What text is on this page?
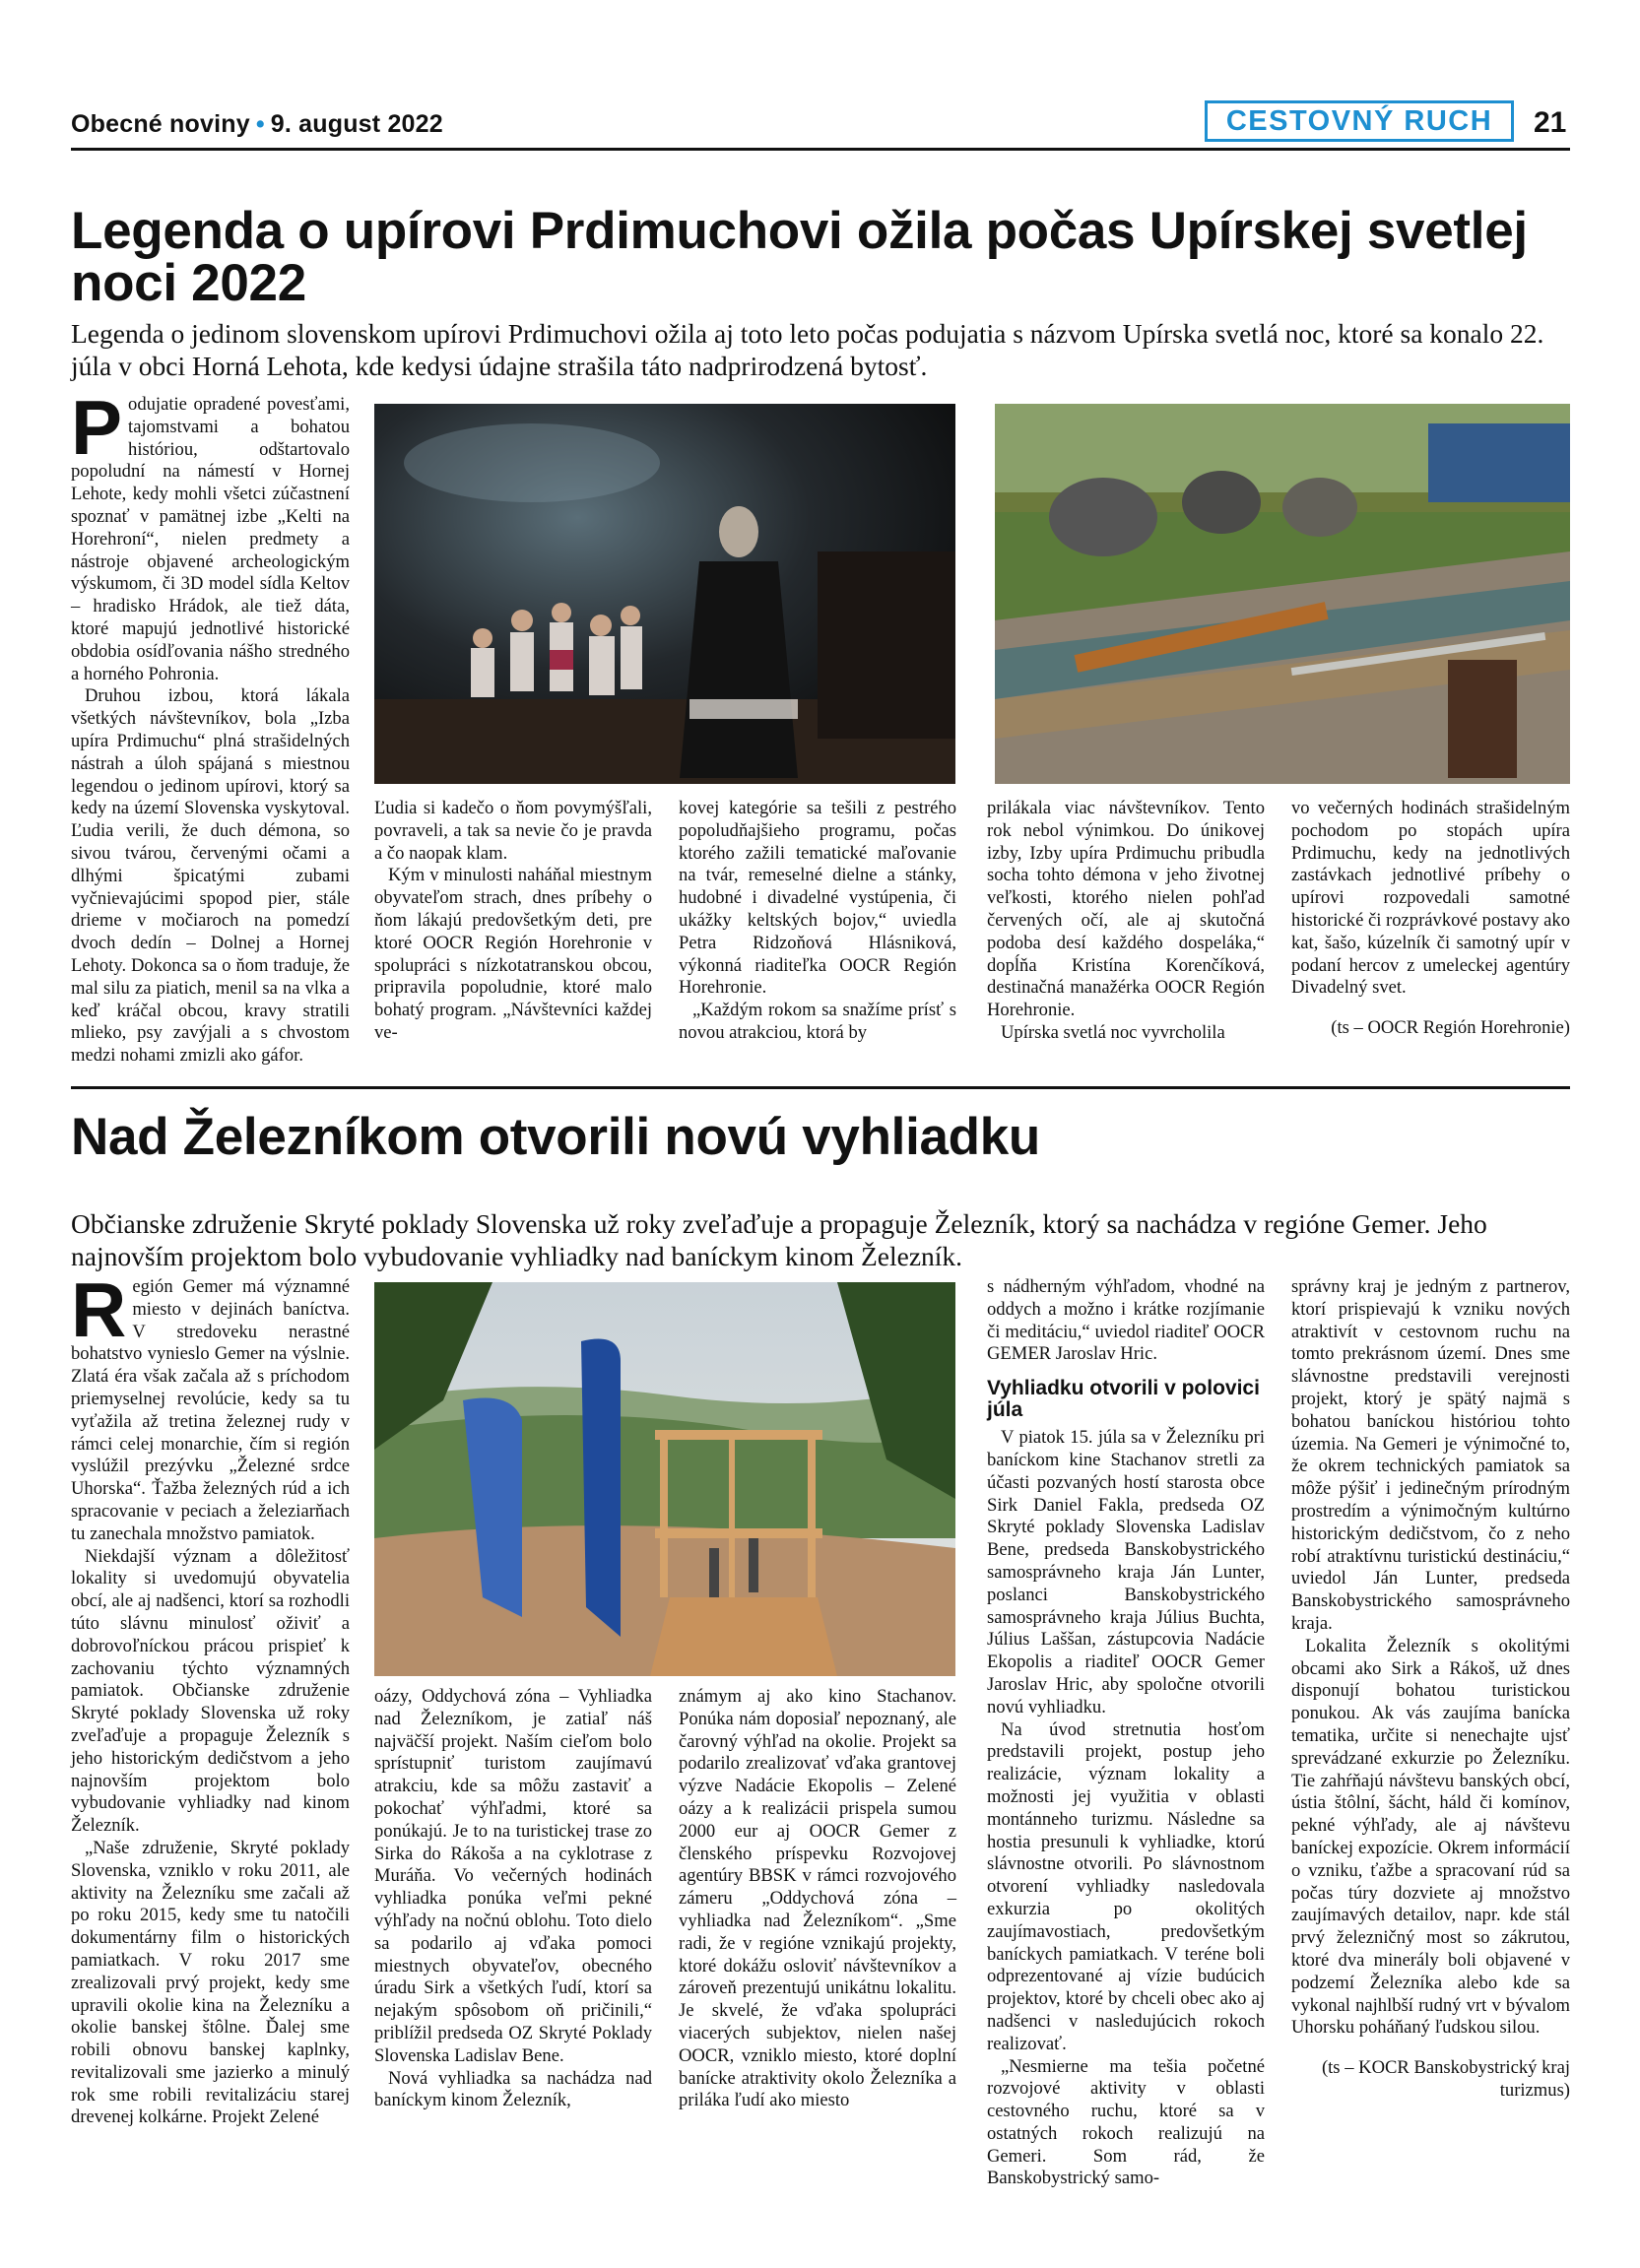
Obecné noviny • 9. august 2022	CESTOVNÝ RUCH	21
Legenda o upírovi Prdimuchovi ožila počas Upírskej svetlej noci 2022
Legenda o jedinom slovenskom upírovi Prdimuchovi ožila aj toto leto počas podujatia s názvom Upírska svetlá noc, ktoré sa konalo 22. júla v obci Horná Lehota, kde kedysi údajne strašila táto nadprirodzená bytosť.
P odujatie opradené povesťami, tajomstvami a bohatou históriou, odštartovalo popoludní na námestí v Hornej Lehote, kedy mohli všetci zúčastnení spoznať v pamätnej izbe „Kelti na Horehroní“, nielen predmety a nástroje objavené archeologickým výskumom, či 3D model sídla Keltov – hradisko Hrádok, ale tiež dáta, ktoré mapujú jednotlivé historické obdobia osídľovania nášho stredného a horného Pohronia.

Druhou izbou, ktorá lákala všetkých návštevníkov, bola „Izba upíra Prdimuchu“ plná strašidelných nástrah a úloh spájaná s miestnou legendou o jedinom upírovi, ktorý sa kedy na území Slovenska vyskytoval. Ľudia verili, že duch démona, so sivou tvárou, červenými očami a dlhými špicatými zubami vyčnievajúcimi spopod pier, stále drieme v močiaroch na pomedzí dvoch dedín – Dolnej a Hornej Lehoty. Dokonca sa o ňom traduje, že mal silu za piatich, menil sa na vlka a keď kráčal obcou, kravy stratili mlieko, psy zavýjali a s chvostom medzi nohami zmizli ako gáfor.

Ľudia si kadečo o ňom povymýšľali, povraveli, a tak sa nevie čo je pravda a čo naopak klam.

Kým v minulosti naháňal miestnym obyvateľom strach, dnes príbehy o ňom lákajú predovšetkým deti, pre ktoré OOCR Región Horehronie v spolupráci s nízkotatranskou obcou, pripravila popoludnie, ktoré malo bohatý program. „Návštevníci každej ve-

kovej kategórie sa tešili z pestrého popoludňajšieho programu, počas ktorého zažili tematické maľovanie na tvár, remeselné dielne a stánky, hudobné i divadelné vystúpenia, či ukážky keltských bojov,“ uviedla Petra Ridzoňová Hlásniková, výkonná riaditeľka OOCR Región Horehronie.

„Každým rokom sa snažíme prísť s novou atrakciou, ktorá by

prilákala viac návštevníkov. Tento rok nebol výnimkou. Do únikovej izby, Izby upíra Prdimuchu pribudla socha tohto démona v jeho životnej veľkosti, ktorého nielen pohľad červených očí, ale aj skutočná podoba desí každého dospeláka,“ dopĺňa Kristína Korenčíková, destinačná manažérka OOCR Región Horehronie.

Upírska svetlá noc vyvrcholila

vo večerných hodinách strašidelným pochodom po stopách upíra Prdimuchu, kedy na jednotlivých zastávkach jednotlivé príbehy o upírovi rozpovedali samotné historické či rozprávkové postavy ako kat, šašo, kúzelník či samotný upír v podaní hercov z umeleckej agentúry Divadelný svet.

(ts – OOCR Región Horehronie)

Nad Železníkom otvorili novú vyhliadku
Občianske združenie Skryté poklady Slovenska už roky zveľaďuje a propaguje Železník, ktorý sa nachádza v regióne Gemer. Jeho najnovším projektom bolo vybudovanie vyhliadky nad baníckym kinom Železník.
R egión Gemer má významné miesto v dejinách baníctva. V stredoveku nerastné bohatstvo vynieslo Gemer na výslnie. Zlatá éra však začala až s príchodom priemyselnej revolúcie, kedy sa tu vyťažila až tretina železnej rudy v rámci celej monarchie, čím si región vyslúžil prezývku „Železné srdce Uhorska“. Ťažba železných rúd a ich spracovanie v peciach a železiarňach tu zanechala množstvo pamiatok.

Niekdajší význam a dôležitosť lokality si uvedomujú obyvatelia obcí, ale aj nadšenci, ktorí sa rozhodli túto slávnu minulosť oživiť a dobrovoľníckou prácou prispieť k zachovaniu týchto významných pamiatok. Občianske združenie Skryté poklady Slovenska už roky zveľaďuje a propaguje Železník s jeho historickým dedičstvom a jeho najnovším projektom bolo vybudovanie vyhliadky nad kinom Železník.

„Naše združenie, Skryté poklady Slovenska, vzniklo v roku 2011, ale aktivity na Železníku sme začali až po roku 2015, kedy sme tu natočili dokumentárny film o historických pamiatkach. V roku 2017 sme zrealizovali prvý projekt, kedy sme upravili okolie kina na Železníku a okolie banskej štôlne. Ďalej sme robili obnovu banskej kaplnky, revitalizovali sme jazierko a minulý rok sme robili revitalizáciu starej drevenej kolkárne. Projekt Zelené

oázy, Oddychová zóna – Vyhliadka nad Železníkom, je zatiaľ náš najväčší projekt. Naším cieľom bolo sprístupniť turistom zaujímavú atrakciu, kde sa môžu zastaviť a pokochať výhľadmi, ktoré sa ponúkajú. Je to na turistickej trase zo Sirka do Rákoša a na cyklotrase z Muráňa. Vo večerných hodinách vyhliadka ponúka veľmi pekné výhľady na nočnú oblohu. Toto dielo sa podarilo aj vďaka pomoci miestnych obyvateľov, obecného úradu Sirk a všetkých ľudí, ktorí sa nejakým spôsobom oň pričinili,“ priblížil predseda OZ Skryté Poklady Slovenska Ladislav Bene.

Nová vyhliadka sa nachádza nad baníckym kinom Železník,

známym aj ako kino Stachanov. Ponúka nám doposiaľ nepoznaný, ale čarovný výhľad na okolie. Projekt sa podarilo zrealizovať vďaka grantovej výzve Nadácie Ekopolis – Zelené oázy a k realizácii prispela sumou 2000 eur aj OOCR Gemer z členského príspevku Rozvojovej agentúry BBSK v rámci rozvojového zámeru „Oddychová zóna – vyhliadka nad Železníkom“. „Sme radi, že v regióne vznikajú projekty, ktoré dokážu osloviť návštevníkov a zároveň prezentujú unikátnu lokalitu. Je skvelé, že vďaka spolupráci viacerých subjektov, nielen našej OOCR, vzniklo miesto, ktoré doplní banícke atraktivity okolo Železníka a priláka ľudí ako miesto

s nádherným výhľadom, vhodné na oddych a možno i krátke rozjímanie či meditáciu,“ uviedol riaditeľ OOCR GEMER Jaroslav Hric.

Vyhliadku otvorili v polovici júla

V piatok 15. júla sa v Železníku pri baníckom kine Stachanov stretli za účasti pozvaných hostí starosta obce Sirk Daniel Fakla, predseda OZ Skryté poklady Slovenska Ladislav Bene, predseda Banskobystrického samosprávneho kraja Ján Lunter, poslanci Banskobystrického samosprávneho kraja Július Buchta, Július Laššan, zástupcovia Nadácie Ekopolis a riaditeľ OOCR Gemer Jaroslav Hric, aby spoločne otvorili novú vyhliadku.

Na úvod stretnutia hosťom predstavili projekt, postup jeho realizácie, význam lokality a možnosti jej využitia v oblasti montánneho turizmu. Následne sa hostia presunuli k vyhliadke, ktorú slávnostne otvorili. Po slávnostnom otvorení vyhliadky nasledovala exkurzia po okolitých zaujímavostiach, predovšetkým baníckych pamiatkach. V teréne boli odprezentované aj vízie budúcich projektov, ktoré by chceli obec ako aj nadšenci v nasledujúcich rokoch realizovať.

„Nesmierne ma tešia početné rozvojové aktivity v oblasti cestovného ruchu, ktoré sa v ostatných rokoch realizujú na Gemeri. Som rád, že Banskobystrický samo-

správny kraj je jedným z partnerov, ktorí prispievajú k vzniku nových atraktivít v cestovnom ruchu na tomto prekrásnom území. Dnes sme slávnostne predstavili verejnosti projekt, ktorý je spätý najmä s bohatou baníckou históriou tohto územia. Na Gemeri je výnimočné to, že okrem technických pamiatok sa môže pýšiť i jedinečným prírodným prostredím a výnimočným kultúrno historickým dedičstvom, čo z neho robí atraktívnu turistickú destináciu,“ uviedol Ján Lunter, predseda Banskobystrického samosprávneho kraja.

Lokalita Železník s okolitými obcami ako Sirk a Rákoš, už dnes disponují bohatou turistickou ponukou. Ak vás zaujíma banícka tematika, určite si nenechajte ujsť sprevádzané exkurzie po Železníku. Tie zahŕňajú návštevu banských obcí, ústia štôlní, šácht, háld či komínov, pekné výhľady, ale aj návštevu baníckej expozície. Okrem informácií o vzniku, ťažbe a spracovaní rúd sa počas túry dozviete aj množstvo zaujímavých detailov, napr. kde stál prvý železničný most so zákrutou, ktoré dva minerály boli objavené v podzemí Železníka alebo kde sa vykonal najhlbší rudný vrt v bývalom Uhorsku poháňaný ľudskou silou.

(ts – KOCR Banskobystrický kraj turizmus)
